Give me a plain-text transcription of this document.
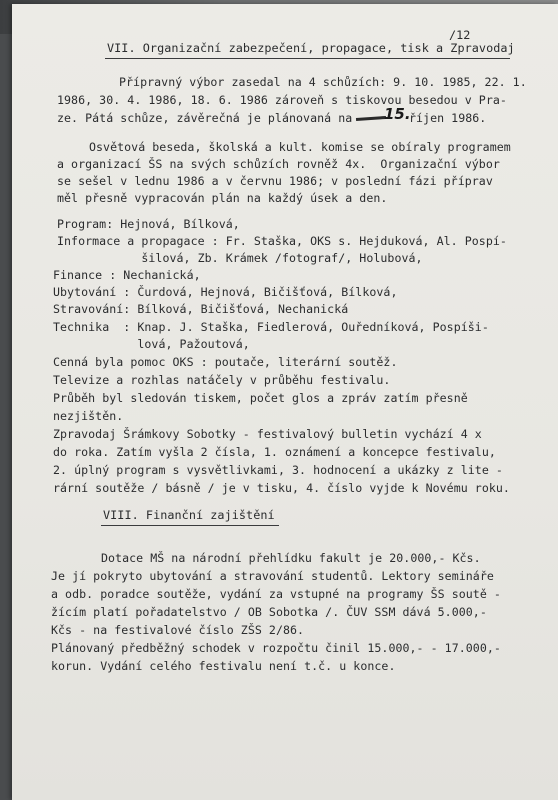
/12
VII. Organizační zabezpečení, propagace, tisk a Zpravodaj
Přípravný výbor zasedal na 4 schůzích: 9. 10. 1985, 22. 1.
1986, 30. 4. 1986, 18. 6. 1986 zároveň s tiskovou besedou v Pra-
ze. Pátá schůze, závěrečná je plánovaná na 15.
říjen 1986.
Osvětová beseda, školská a kult. komise se obíraly programem
a organizací ŠS na svých schůzích rovněž 4x.  Organizační výbor
se sešel v lednu 1986 a v červnu 1986; v poslední fázi příprav
měl přesně vypracován plán na každý úsek a den.
Program: Hejnová, Bílková,
Informace a propagace : Fr. Staška, OKS s. Hejduková, Al. Pospí-
šilová, Zb. Krámek /fotograf/, Holubová,
Finance : Nechanická,
Ubytování : Čurdová, Hejnová, Bičišťová, Bílková,
Stravování: Bílková, Bičišťová, Nechanická
Technika  : Knap. J. Staška, Fiedlerová, Ouředníková, Pospíši-
lová, Pažoutová,
Cenná byla pomoc OKS : poutače, literární soutěž.
Televize a rozhlas natáčely v průběhu festivalu.
Průběh byl sledován tiskem, počet glos a zpráv zatím přesně
nezjištěn.
Zpravodaj Šrámkovy Sobotky - festivalový bulletin vychází 4 x
do roka. Zatím vyšla 2 čísla, 1. oznámení a koncepce festivalu,
2. úplný program s vysvětlivkami, 3. hodnocení a ukázky z lite -
rární soutěže / básně / je v tisku, 4. číslo vyjde k Novému roku.
VIII. Finanční zajištění
Dotace MŠ na národní přehlídku fakult je 20.000,- Kčs.
Je jí pokryto ubytování a stravování studentů. Lektory semináře
a odb. poradce soutěže, vydání za vstupné na programy ŠS soutě -
žícím platí pořadatelstvo / OB Sobotka /. ČUV SSM dává 5.000,-
Kčs - na festivalové číslo ZŠS 2/86.
Plánovaný předběžný schodek v rozpočtu činil 15.000,- - 17.000,-
korun. Vydání celého festivalu není t.č. u konce.
